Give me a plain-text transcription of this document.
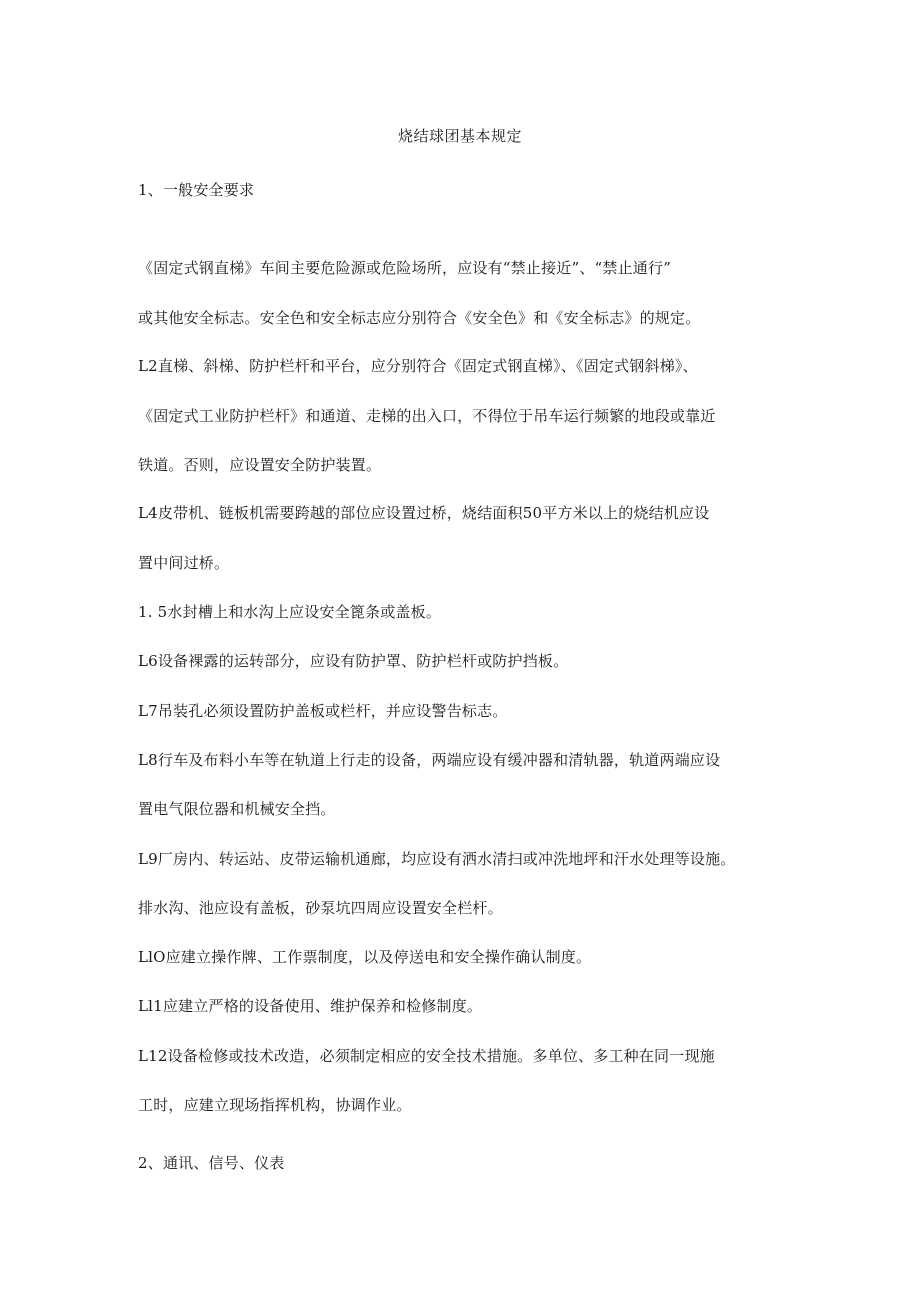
烧结球团基本规定
1、一般安全要求
《固定式钢直梯》车间主要危险源或危险场所，应设有“禁止接近”、“禁止通行”
或其他安全标志。安全色和安全标志应分别符合《安全色》和《安全标志》的规定。
L2直梯、斜梯、防护栏杆和平台，应分别符合《固定式钢直梯》、《固定式钢斜梯》、
《固定式工业防护栏杆》和通道、走梯的出入口，不得位于吊车运行频繁的地段或靠近
铁道。否则，应设置安全防护装置。
L4皮带机、链板机需要跨越的部位应设置过桥，烧结面积50平方米以上的烧结机应设
置中间过桥。
1. 5水封槽上和水沟上应设安全篦条或盖板。
L6设备裸露的运转部分，应设有防护罩、防护栏杆或防护挡板。
L7吊装孔必须设置防护盖板或栏杆，并应设警告标志。
L8行车及布料小车等在轨道上行走的设备，两端应设有缓冲器和清轨器，轨道两端应设
置电气限位器和机械安全挡。
L9厂房内、转运站、皮带运输机通廊，均应设有洒水清扫或冲洗地坪和汗水处理等设施。
排水沟、池应设有盖板，砂泵坑四周应设置安全栏杆。
LlO应建立操作牌、工作票制度，以及停送电和安全操作确认制度。
Ll1应建立严格的设备使用、维护保养和检修制度。
L12设备检修或技术改造，必须制定相应的安全技术措施。多单位、多工种在同一现施
工时，应建立现场指挥机构，协调作业。
2、通讯、信号、仪表
